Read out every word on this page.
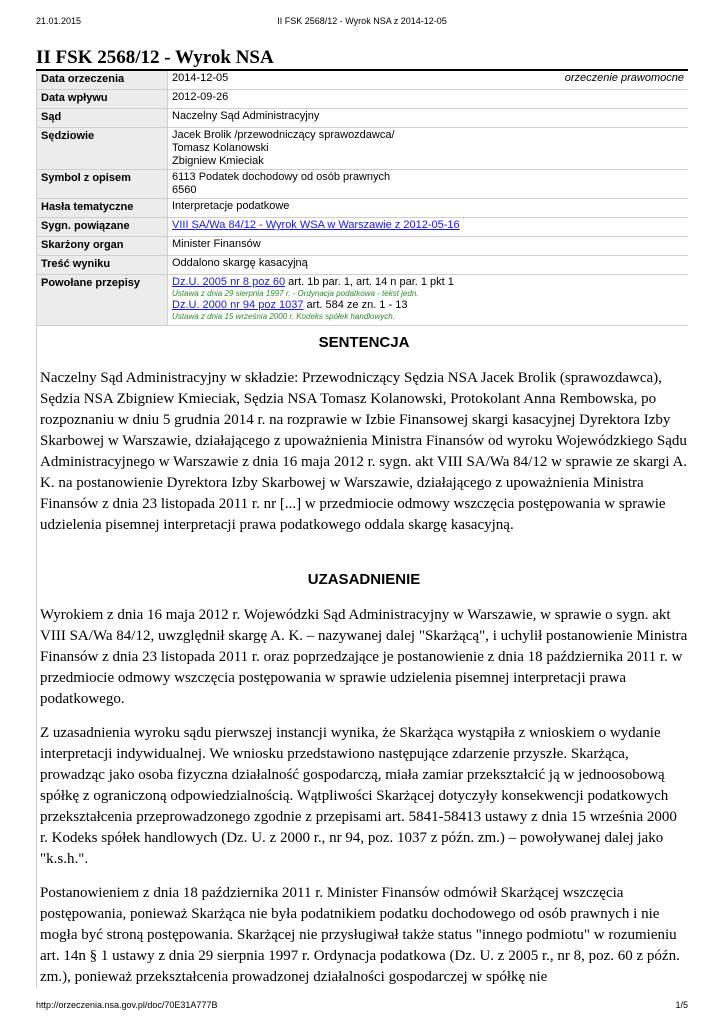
21.01.2015	II FSK 2568/12 - Wyrok NSA z 2014-12-05
II FSK 2568/12 - Wyrok NSA
Data orzeczenia	2014-12-05 orzeczenie prawomocne

Data wpływu	2012-09-26
Sąd	Naczelny Sąd Administracyjny
Sędziowie	Jacek Brolik /przewodniczący sprawozdawca/
Tomasz Kolanowski
Zbigniew Kmieciak

Symbol z opisem	6113 Podatek dochodowy od osób prawnych
6560

Hasła tematyczne	Interpretacje podatkowe
Sygn. powiązane	VIII SA/Wa 84/12 - Wyrok WSA w Warszawie z 2012-05-16
Skarżony organ	Minister Finansów
Treść wyniku	Oddalono skargę kasacyjną
Powołane przepisy	Dz.U. 2005 nr 8 poz 60 art. 1b par. 1, art. 14 n par. 1 pkt 1
Ustawa z dnia 29 sierpnia 1997 r. - Ordynacja podatkowa - tekst jedn.
Dz.U. 2000 nr 94 poz 1037 art. 584 ze zn. 1 - 13
Ustawa z dnia 15 września 2000 r. Kodeks spółek handlowych.
SENTENCJA

Naczelny Sąd Administracyjny w składzie: Przewodniczący Sędzia NSA Jacek Brolik (sprawozdawca), Sędzia NSA Zbigniew Kmieciak, Sędzia NSA Tomasz Kolanowski, Protokolant Anna Rembowska, po rozpoznaniu w dniu 5 grudnia 2014 r. na rozprawie w Izbie Finansowej skargi kasacyjnej Dyrektora Izby Skarbowej w Warszawie, działającego z upoważnienia Ministra Finansów od wyroku Wojewódzkiego Sądu Administracyjnego w Warszawie z dnia 16 maja 2012 r. sygn. akt VIII SA/Wa 84/12 w sprawie ze skargi A. K. na postanowienie Dyrektora Izby Skarbowej w Warszawie, działającego z upoważnienia Ministra Finansów z dnia 23 listopada 2011 r. nr [...] w przedmiocie odmowy wszczęcia postępowania w sprawie udzielenia pisemnej interpretacji prawa podatkowego oddala skargę kasacyjną.

UZASADNIENIE

Wyrokiem z dnia 16 maja 2012 r. Wojewódzki Sąd Administracyjny w Warszawie, w sprawie o sygn. akt VIII SA/Wa 84/12, uwzględnił skargę A. K. – nazywanej dalej "Skarżącą", i uchylił postanowienie Ministra Finansów z dnia 23 listopada 2011 r. oraz poprzedzające je postanowienie z dnia 18 października 2011 r. w przedmiocie odmowy wszczęcia postępowania w sprawie udzielenia pisemnej interpretacji prawa podatkowego.

Z uzasadnienia wyroku sądu pierwszej instancji wynika, że Skarżąca wystąpiła z wnioskiem o wydanie interpretacji indywidualnej. We wniosku przedstawiono następujące zdarzenie przyszłe. Skarżąca, prowadząc jako osoba fizyczna działalność gospodarczą, miała zamiar przekształcić ją w jednoosobową spółkę z ograniczoną odpowiedzialnością. Wątpliwości Skarżącej dotyczyły konsekwencji podatkowych przekształcenia przeprowadzonego zgodnie z przepisami art. 5841-58413 ustawy z dnia 15 września 2000 r. Kodeks spółek handlowych (Dz. U. z 2000 r., nr 94, poz. 1037 z późn. zm.) – powoływanej dalej jako "k.s.h.".

Postanowieniem z dnia 18 października 2011 r. Minister Finansów odmówił Skarżącej wszczęcia postępowania, ponieważ Skarżąca nie była podatnikiem podatku dochodowego od osób prawnych i nie mogła być stroną postępowania. Skarżącej nie przysługiwał także status "innego podmiotu" w rozumieniu art. 14n § 1 ustawy z dnia 29 sierpnia 1997 r. Ordynacja podatkowa (Dz. U. z 2005 r., nr 8, poz. 60 z późn. zm.), ponieważ przekształcenia prowadzonej działalności gospodarczej w spółkę nie

http://orzeczenia.nsa.gov.pl/doc/70E31A777B	1/5
